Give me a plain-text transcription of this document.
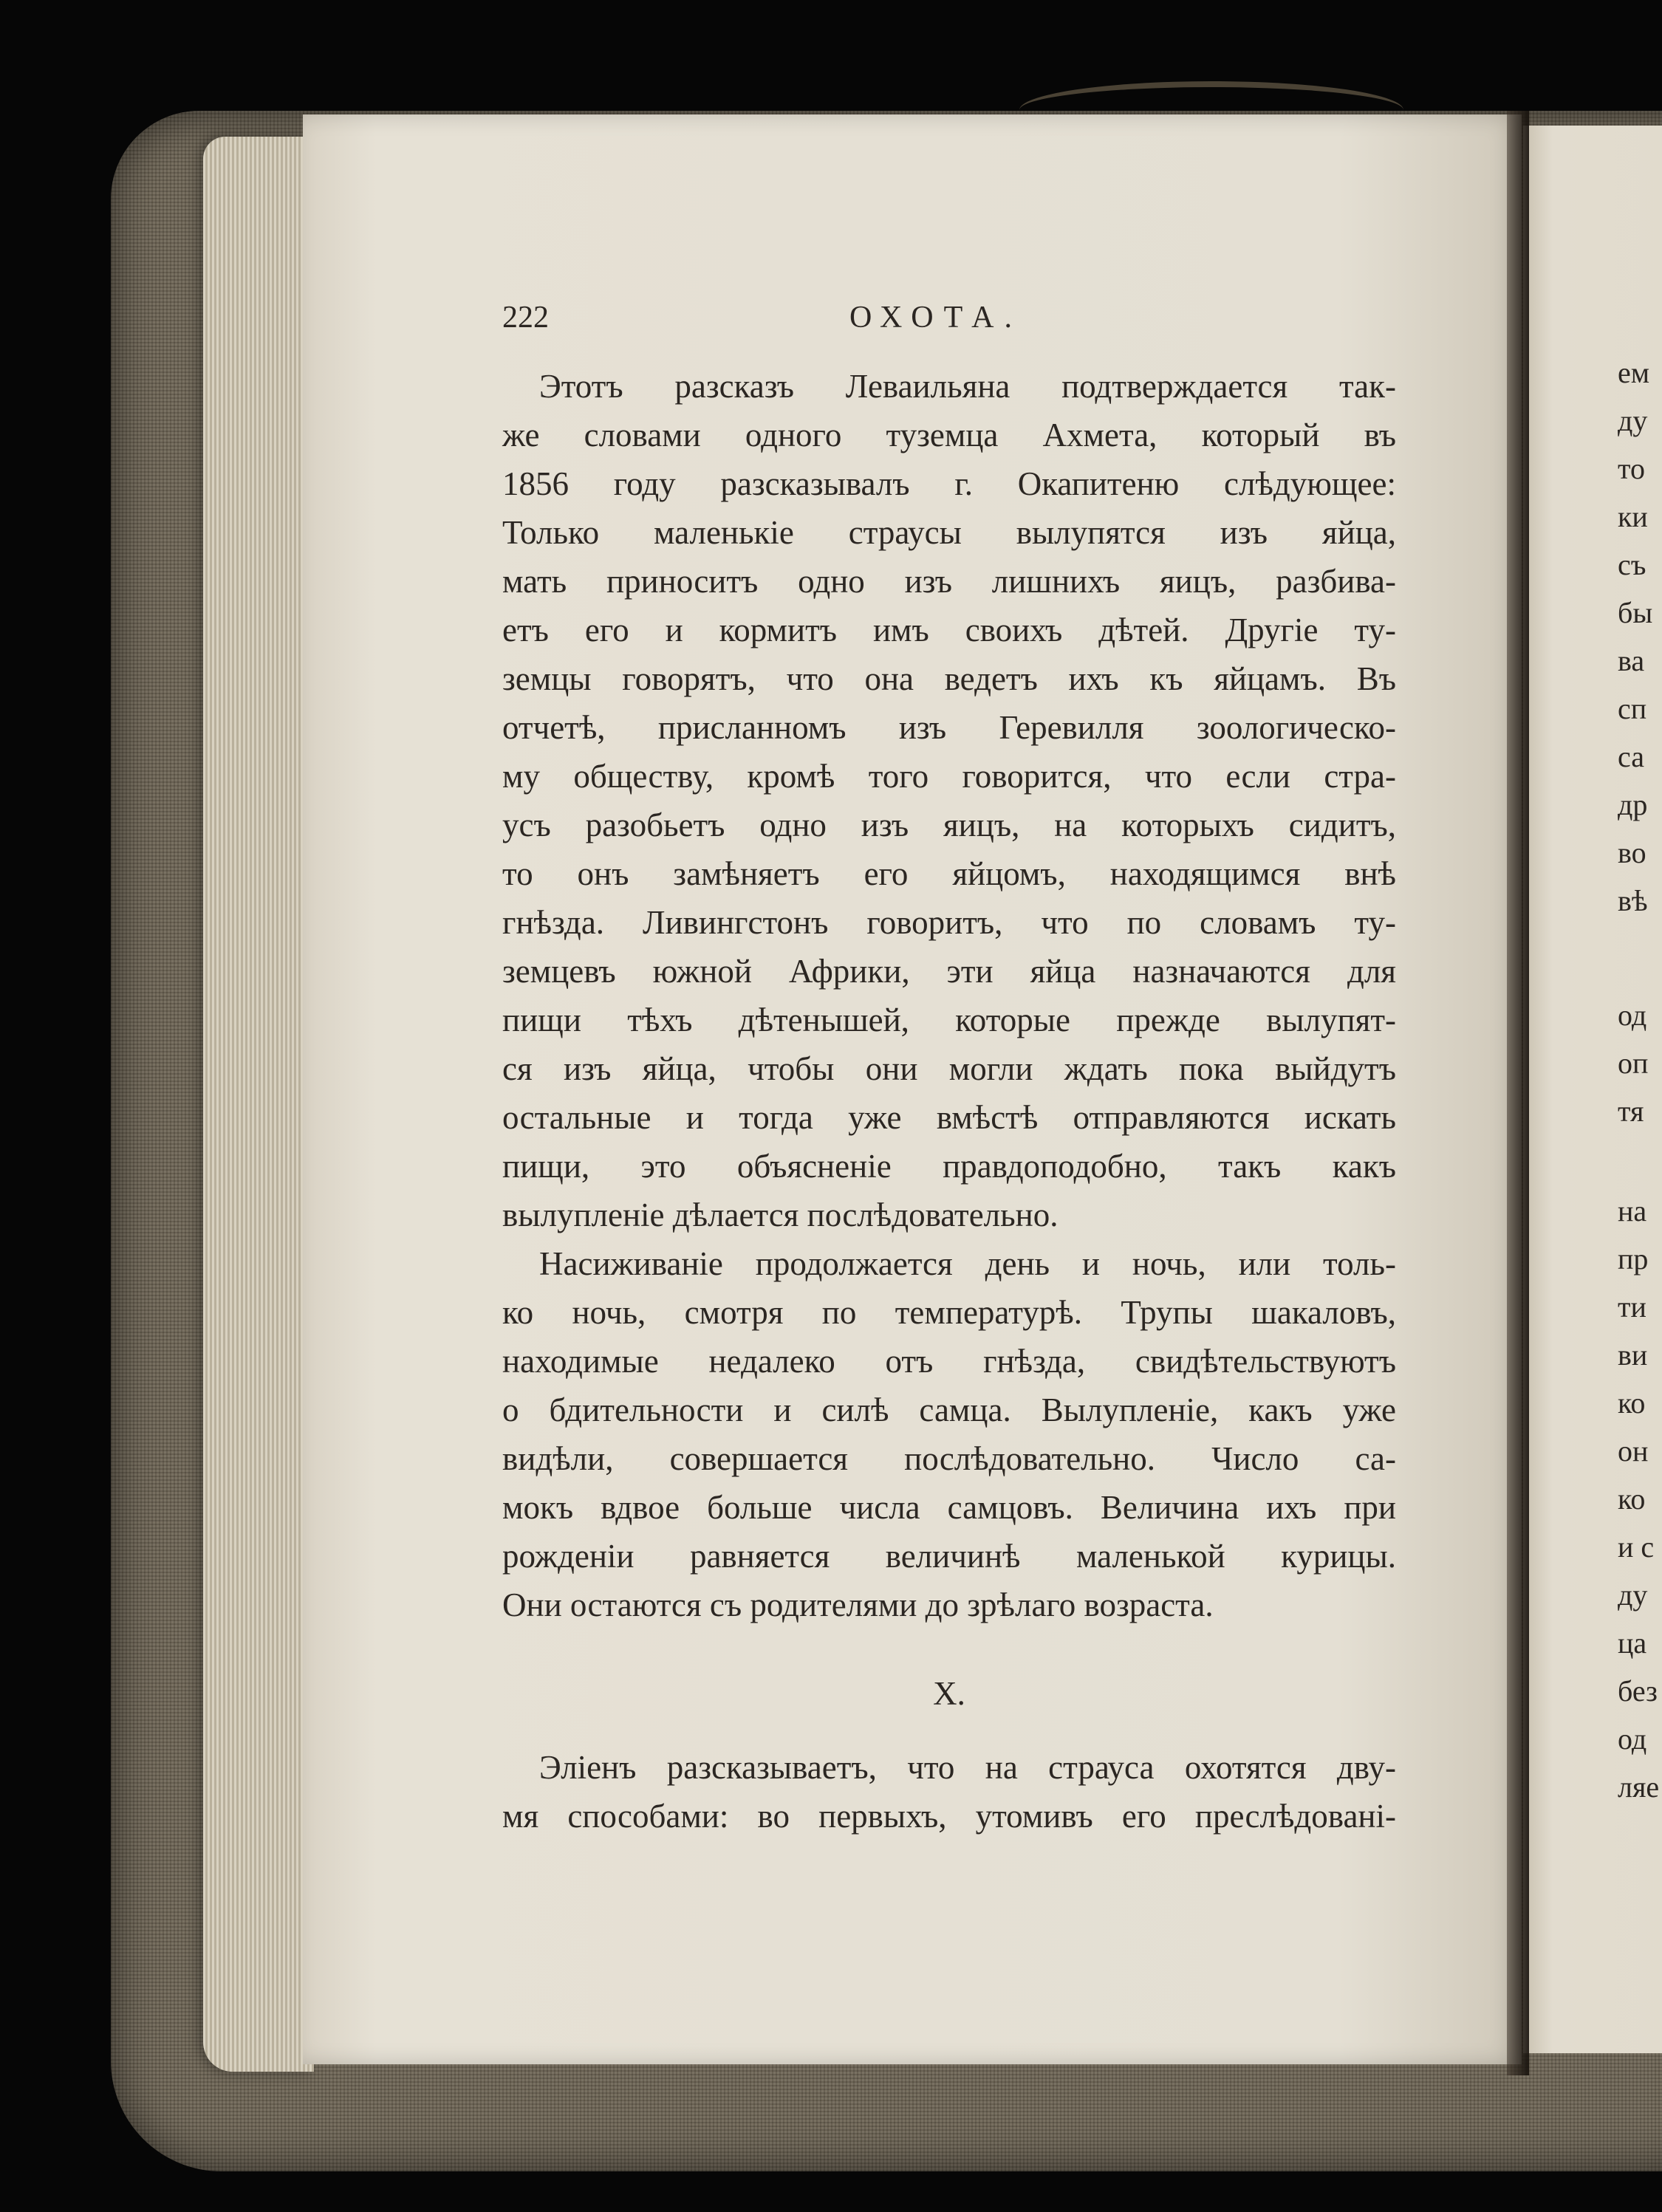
222	ОХОТА.
Этотъ разсказъ Леваильяна подтверждается так-
же словами одного туземца Ахмета, который въ
1856 году разсказывалъ г. Окапитеню слѣдующее:
Только маленькіе страусы вылупятся изъ яйца,
мать приноситъ одно изъ лишнихъ яицъ, разбива-
етъ его и кормитъ имъ своихъ дѣтей. Другіе ту-
земцы говорятъ, что она ведетъ ихъ къ яйцамъ. Въ
отчетѣ, присланномъ изъ Геревилля зоологическо-
му обществу, кромѣ того говорится, что если стра-
усъ разобьетъ одно изъ яицъ, на которыхъ сидитъ,
то онъ замѣняетъ его яйцомъ, находящимся внѣ
гнѣзда. Ливингстонъ говоритъ, что по словамъ ту-
земцевъ южной Африки, эти яйца назначаются для
пищи тѣхъ дѣтенышей, которые прежде вылупят-
ся изъ яйца, чтобы они могли ждать пока выйдутъ
остальные и тогда уже вмѣстѣ отправляются искать
пищи, это объясненіе правдоподобно, такъ какъ
вылупленіе дѣлается послѣдовательно.
Насиживаніе продолжается день и ночь, или толь-
ко ночь, смотря по температурѣ. Трупы шакаловъ,
находимые недалеко отъ гнѣзда, свидѣтельствуютъ
о бдительности и силѣ самца. Вылупленіе, какъ уже
видѣли, совершается послѣдовательно. Число са-
мокъ вдвое больше числа самцовъ. Величина ихъ при
рожденіи равняется величинѣ маленькой курицы.
Они остаются съ родителями до зрѣлаго возраста.
X.
Эліенъ разсказываетъ, что на страуса охотятся дву-
мя способами: во первыхъ, утомивъ его преслѣдовані-
ем
ду
то
ки
съ
бы
ва
сп
са
др
во
вѣ
од
оп
тя
на
пр
ти
ви
ко
он
ко
и с
ду
ца
без
од
ляе
